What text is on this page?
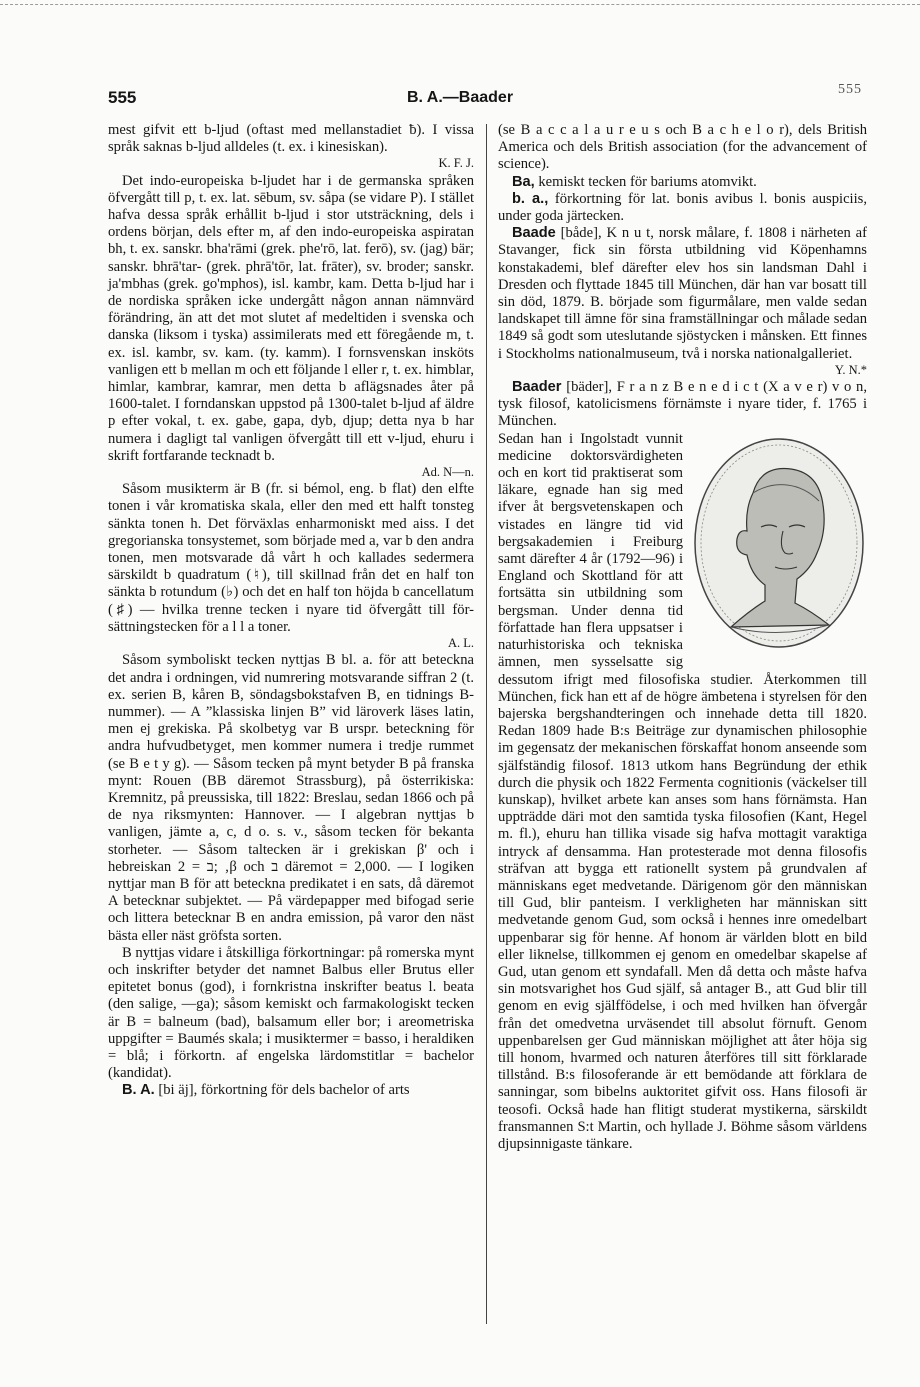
555	B. A.—Baader	555

mest gifvit ett b-ljud (oftast med mellanstadiet ƀ). I vissa språk saknas b-ljud alldeles (t. ex. i kinesiskan).
K. F. J.

Det indo-europeiska b-ljudet har i de germanska språken öfvergått till p, t. ex. lat. sēbum, sv. såpa (se vidare P). I stället hafva dessa språk erhållit b-ljud i stor utsträckning, dels i ordens början, dels efter m, af den indo-europeiska aspiratan bh, t. ex. sanskr. bha'rāmi (grek. phe'rō, lat. ferō), sv. (jag) bär; sanskr. bhrā'tar- (grek. phrā'tōr, lat. frāter), sv. broder; sanskr. ja'mbhas (grek. go'mphos), isl. kambr, kam. Detta b-ljud har i de nordiska språken icke undergått någon annan nämnvärd förändring, än att det mot slutet af medeltiden i svenska och danska (liksom i tyska) assimilerats med ett föregående m, t. ex. isl. kambr, sv. kam. (ty. kamm). I fornsvenskan insköts vanligen ett b mellan m och ett följande l eller r, t. ex. himblar, himlar, kambrar, kamrar, men detta b aflägsnades åter på 1600-talet. I forndanskan uppstod på 1300-talet b-ljud af äldre p efter vokal, t. ex. gabe, gapa, dyb, djup; detta nya b har numera i dagligt tal vanligen öfvergått till ett v-ljud, ehuru i skrift fortfarande tecknadt b.
Ad. N—n.

Såsom musikterm är B (fr. si bémol, eng. b flat) den elfte tonen i vår kromatiska skala, eller den med ett halft tonsteg sänkta tonen h. Det förväxlas enharmoniskt med aiss. I det gregorianska tonsystemet, som började med a, var b den andra tonen, men motsvarade då vårt h och kallades sedermera särskildt b quadratum (♮), till skillnad från det en half ton sänkta b rotundum (♭) och det en half ton höjda b cancellatum (♯) — hvilka trenne tecken i nyare tid öfvergått till för-sättningstecken för a l l a toner.
A. L.

Såsom symboliskt tecken nyttjas B bl. a. för att beteckna det andra i ordningen, vid numrering motsvarande siffran 2 (t. ex. serien B, kåren B, söndagsbokstafven B, en tidnings B-nummer). — A ”klassiska linjen B” vid läroverk läses latin, men ej grekiska. På skolbetyg var B urspr. beteckning för andra hufvudbetyget, men kommer numera i tredje rummet (se B e t y g). — Såsom tecken på mynt betyder B på franska mynt: Rouen (BB däremot Strassburg), på österrikiska: Kremnitz, på preussiska, till 1822: Breslau, sedan 1866 och på de nya riksmynten: Hannover. — I algebran nyttjas b vanligen, jämte a, c, d o. s. v., såsom tecken för bekanta storheter. — Såsom taltecken är i grekiskan β' och i hebreiskan ב = 2; ‚β och ב däremot = 2,000. — I logiken nyttjar man B för att beteckna predikatet i en sats, då däremot A betecknar subjektet. — På värdepapper med bifogad serie och littera betecknar B en andra emission, på varor den näst bästa eller näst gröfsta sorten.

B nyttjas vidare i åtskilliga förkortningar: på romerska mynt och inskrifter betyder det namnet Balbus eller Brutus eller epitetet bonus (god), i fornkristna inskrifter beatus l. beata (den salige, —ga); såsom kemiskt och farmakologiskt tecken är B = balneum (bad), balsamum eller bor; i areometriska uppgifter = Baumés skala; i musiktermer = basso, i heraldiken = blå; i förkortn. af engelska lärdomstitlar = bachelor (kandidat).

B. A. [bi äj], förkortning för dels bachelor of arts

(se B a c c a l a u r e u s och B a c h e l o r), dels British America och dels British association (for the advancement of science).

Ba, kemiskt tecken för bariums atomvikt.

b. a., förkortning för lat. bonis avibus l. bonis auspiciis, under goda järtecken.

Baade [både], K n u t, norsk målare, f. 1808 i närheten af Stavanger, fick sin första utbildning vid Köpenhamns konstakademi, blef därefter elev hos sin landsman Dahl i Dresden och flyttade 1845 till München, där han var bosatt till sin död, 1879. B. började som figurmålare, men valde sedan landskapet till ämne för sina framställningar och målade sedan 1849 så godt som uteslutande sjöstycken i månsken. Ett finnes i Stockholms nationalmuseum, två i norska nationalgalleriet.
Y. N.*

Baader [bäder], F r a n z B e n e d i c t (X a v e r) v o n, tysk filosof, katolicismens förnämste i nyare tider, f. 1765 i München.

Sedan han i Ingolstadt vunnit medicine doktorsvärdigheten och en kort tid praktiserat som läkare, egnade han sig med ifver åt bergsvetenskapen och vistades en längre tid vid bergsakademien i Freiburg samt därefter 4 år (1792—96) i England och Skottland för att fortsätta sin utbildning som bergsman. Under denna tid författade han flera uppsatser i naturhistoriska och tekniska ämnen, men sysselsatte sig dessutom ifrigt med filosofiska studier. Återkommen till München, fick han ett af de högre ämbetena i styrelsen för den bajerska bergshandteringen och innehade detta till 1820. Redan 1809 hade B:s Beiträge zur dynamischen philosophie im gegensatz der mekanischen förskaffat honom anseende som själfständig filosof. 1813 utkom hans Begründung der ethik durch die physik och 1822 Fermenta cognitionis (väckelser till kunskap), hvilket arbete kan anses som hans förnämsta. Han uppträdde däri mot den samtida tyska filosofien (Kant, Hegel m. fl.), ehuru han tillika visade sig hafva mottagit varaktiga intryck af densamma. Han protesterade mot denna filosofis sträfvan att bygga ett rationellt system på grundvalen af människans eget medvetande. Därigenom gör den människan till Gud, blir panteism. I verkligheten har människan sitt medvetande genom Gud, som också i hennes inre omedelbart uppenbarar sig för henne. Af honom är världen blott en bild eller liknelse, tillkommen ej genom en omedelbar skapelse af Gud, utan genom ett syndafall. Men då detta och måste hafva sin motsvarighet hos Gud själf, så antager B., att Gud blir till genom en evig själffödelse, i och med hvilken han öfvergår från det omedvetna urväsendet till absolut förnuft. Genom uppenbarelsen ger Gud människan möjlighet att åter höja sig till honom, hvarmed och naturen återföres till sitt förklarade tillstånd. B:s filosoferande är ett bemödande att förklara de sanningar, som bibelns auktoritet gifvit oss. Hans filosofi är teosofi. Också hade han flitigt studerat mystikerna, särskildt fransmannen S:t Martin, och hyllade J. Böhme såsom världens djupsinnigaste tänkare.
